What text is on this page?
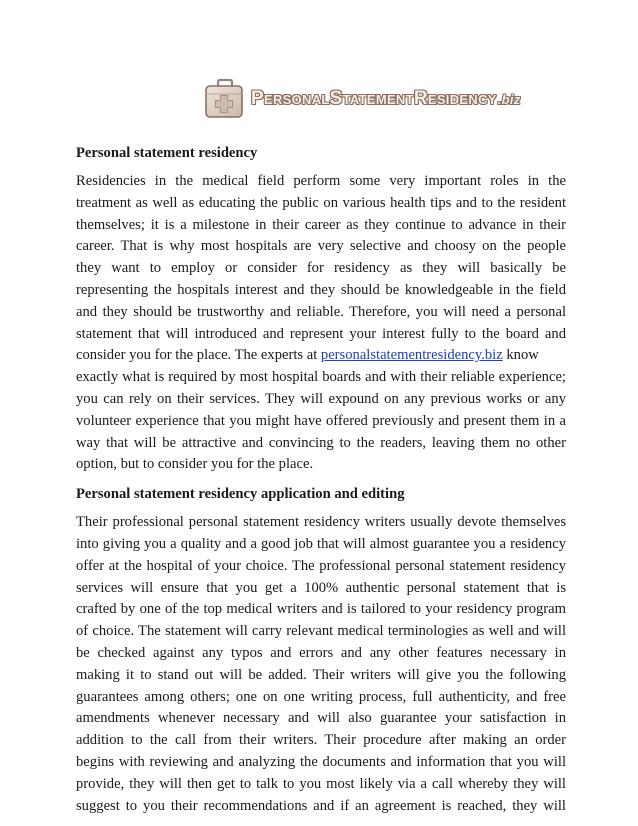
PersonalStatementResidency .biz
Personal statement residency

Residencies in the medical field perform some very important roles in the
treatment as well as educating the public on various health tips and to the resident
themselves; it is a milestone in their career as they continue to advance in their
career. That is why most hospitals are very selective and choosy on the people
they want to employ or consider for residency as they will basically be
representing the hospitals interest and they should be knowledgeable in the field
and they should be trustworthy and reliable. Therefore, you will need a personal
statement that will introduced and represent your interest fully to the board and
consider you for the place. The experts at personalstatementresidency.biz know
exactly what is required by most hospital boards and with their reliable experience;
you can rely on their services. They will expound on any previous works or any
volunteer experience that you might have offered previously and present them in a
way that will be attractive and convincing to the readers, leaving them no other
option, but to consider you for the place.

Personal statement residency application and editing

Their professional personal statement residency writers usually devote themselves
into giving you a quality and a good job that will almost guarantee you a residency
offer at the hospital of your choice. The professional personal statement residency
services will ensure that you get a 100% authentic personal statement that is
crafted by one of the top medical writers and is tailored to your residency program
of choice. The statement will carry relevant medical terminologies as well and will
be checked against any typos and errors and any other features necessary in
making it to stand out will be added. Their writers will give you the following
guarantees among others; one on one writing process, full authenticity, and free
amendments whenever necessary and will also guarantee your satisfaction in
addition to the call from their writers. Their procedure after making an order
begins with reviewing and analyzing the documents and information that you will
provide, they will then get to talk to you most likely via a call whereby they will
suggest to you their recommendations and if an agreement is reached, they will
